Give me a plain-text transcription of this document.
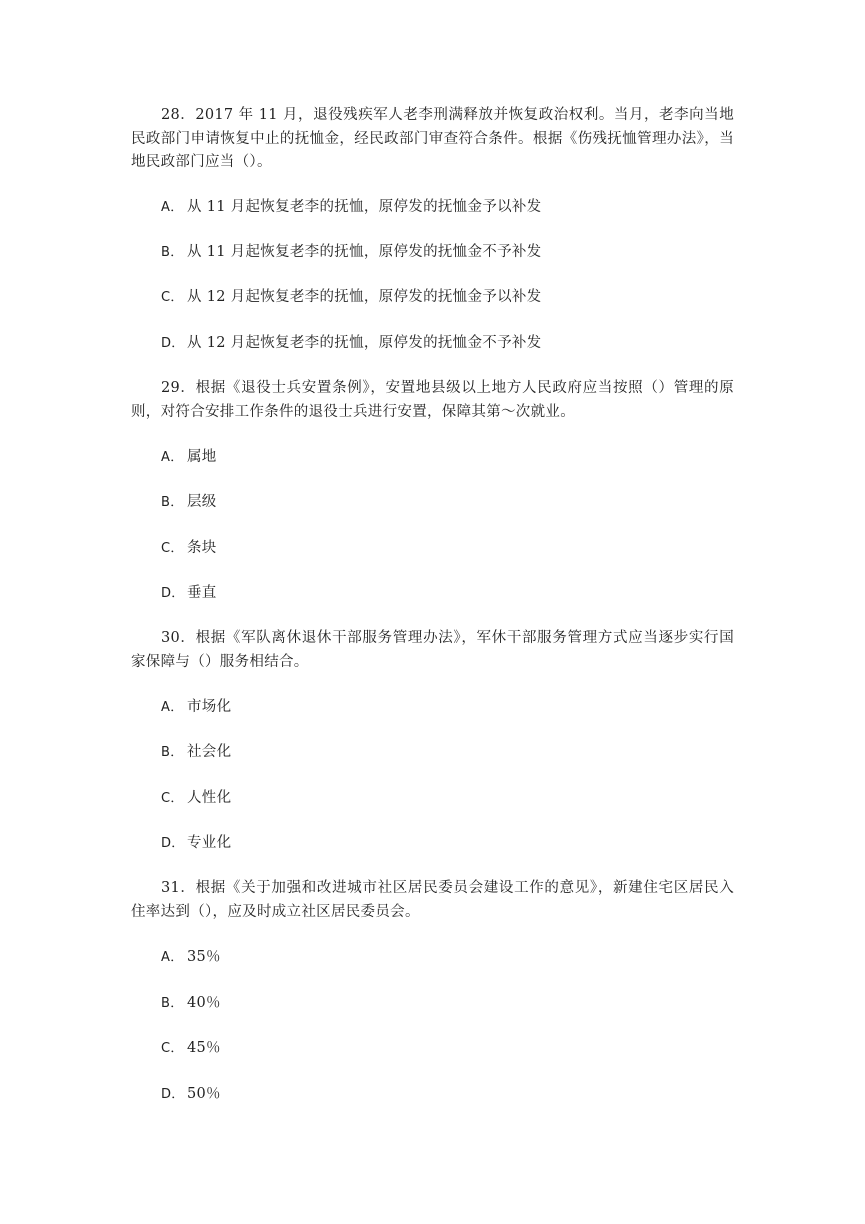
28．2017 年 11 月，退役残疾军人老李刑满释放并恢复政治权利。当月，老李向当地民政部门申请恢复中止的抚恤金，经民政部门审查符合条件。根据《伤残抚恤管理办法》，当地民政部门应当（）。

A． 从 11 月起恢复老李的抚恤，原停发的抚恤金予以补发

B． 从 11 月起恢复老李的抚恤，原停发的抚恤金不予补发

C． 从 12 月起恢复老李的抚恤，原停发的抚恤金予以补发

D． 从 12 月起恢复老李的抚恤，原停发的抚恤金不予补发

29．根据《退役士兵安置条例》，安置地县级以上地方人民政府应当按照（）管理的原则，对符合安排工作条件的退役士兵进行安置，保障其第～次就业。

A． 属地

B． 层级

C． 条块

D． 垂直

30．根据《军队离休退休干部服务管理办法》，军休干部服务管理方式应当逐步实行国家保障与（）服务相结合。

A． 市场化

B． 社会化

C． 人性化

D． 专业化

31．根据《关于加强和改进城市社区居民委员会建设工作的意见》，新建住宅区居民入住率达到（），应及时成立社区居民委员会。

A． 35％

B． 40％

C． 45％

D． 50％
